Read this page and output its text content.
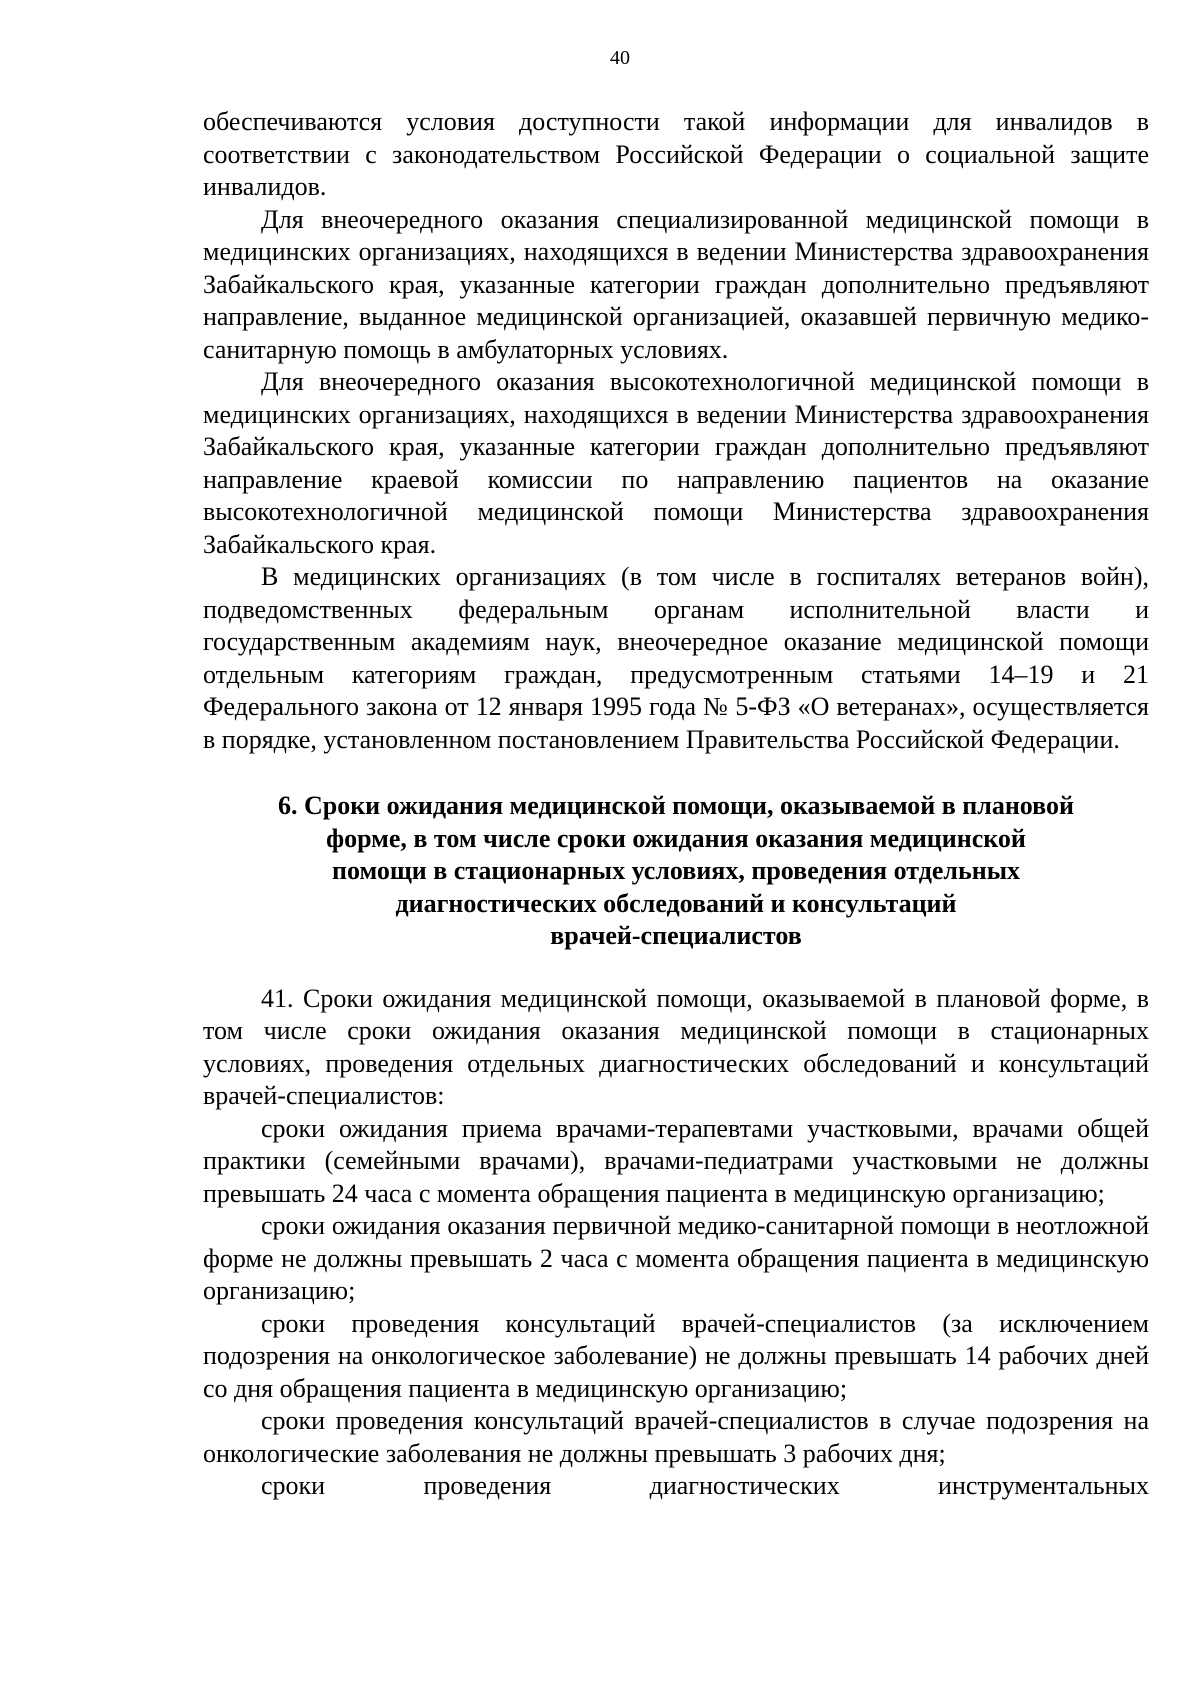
40

обеспечиваются условия доступности такой информации для инвалидов в соответствии с законодательством Российской Федерации о социальной защите инвалидов.

Для внеочередного оказания специализированной медицинской помощи в медицинских организациях, находящихся в ведении Министерства здравоохранения Забайкальского края, указанные категории граждан дополнительно предъявляют направление, выданное медицинской организацией, оказавшей первичную медико-санитарную помощь в амбулаторных условиях.

Для внеочередного оказания высокотехнологичной медицинской помощи в медицинских организациях, находящихся в ведении Министерства здравоохранения Забайкальского края, указанные категории граждан дополнительно предъявляют направление краевой комиссии по направлению пациентов на оказание высокотехнологичной медицинской помощи Министерства здравоохранения Забайкальского края.

В медицинских организациях (в том числе в госпиталях ветеранов войн), подведомственных федеральным органам исполнительной власти и государственным академиям наук, внеочередное оказание медицинской помощи отдельным категориям граждан, предусмотренным статьями 14–19 и 21 Федерального закона от 12 января 1995 года № 5-ФЗ «О ветеранах», осуществляется в порядке, установленном постановлением Правительства Российской Федерации.

6. Сроки ожидания медицинской помощи, оказываемой в плановой
форме, в том числе сроки ожидания оказания медицинской
помощи в стационарных условиях, проведения отдельных
диагностических обследований и консультаций
врачей-специалистов

41. Сроки ожидания медицинской помощи, оказываемой в плановой форме, в том числе сроки ожидания оказания медицинской помощи в стационарных условиях, проведения отдельных диагностических обследований и консультаций врачей-специалистов:

сроки ожидания приема врачами-терапевтами участковыми, врачами общей практики (семейными врачами), врачами-педиатрами участковыми не должны превышать 24 часа с момента обращения пациента в медицинскую организацию;

сроки ожидания оказания первичной медико-санитарной помощи в неотложной форме не должны превышать 2 часа с момента обращения пациента в медицинскую организацию;

сроки проведения консультаций врачей-специалистов (за исключением подозрения на онкологическое заболевание) не должны превышать 14 рабочих дней со дня обращения пациента в медицинскую организацию;

сроки проведения консультаций врачей-специалистов в случае подозрения на онкологические заболевания не должны превышать 3 рабочих дня;

сроки проведения диагностических инструментальных
